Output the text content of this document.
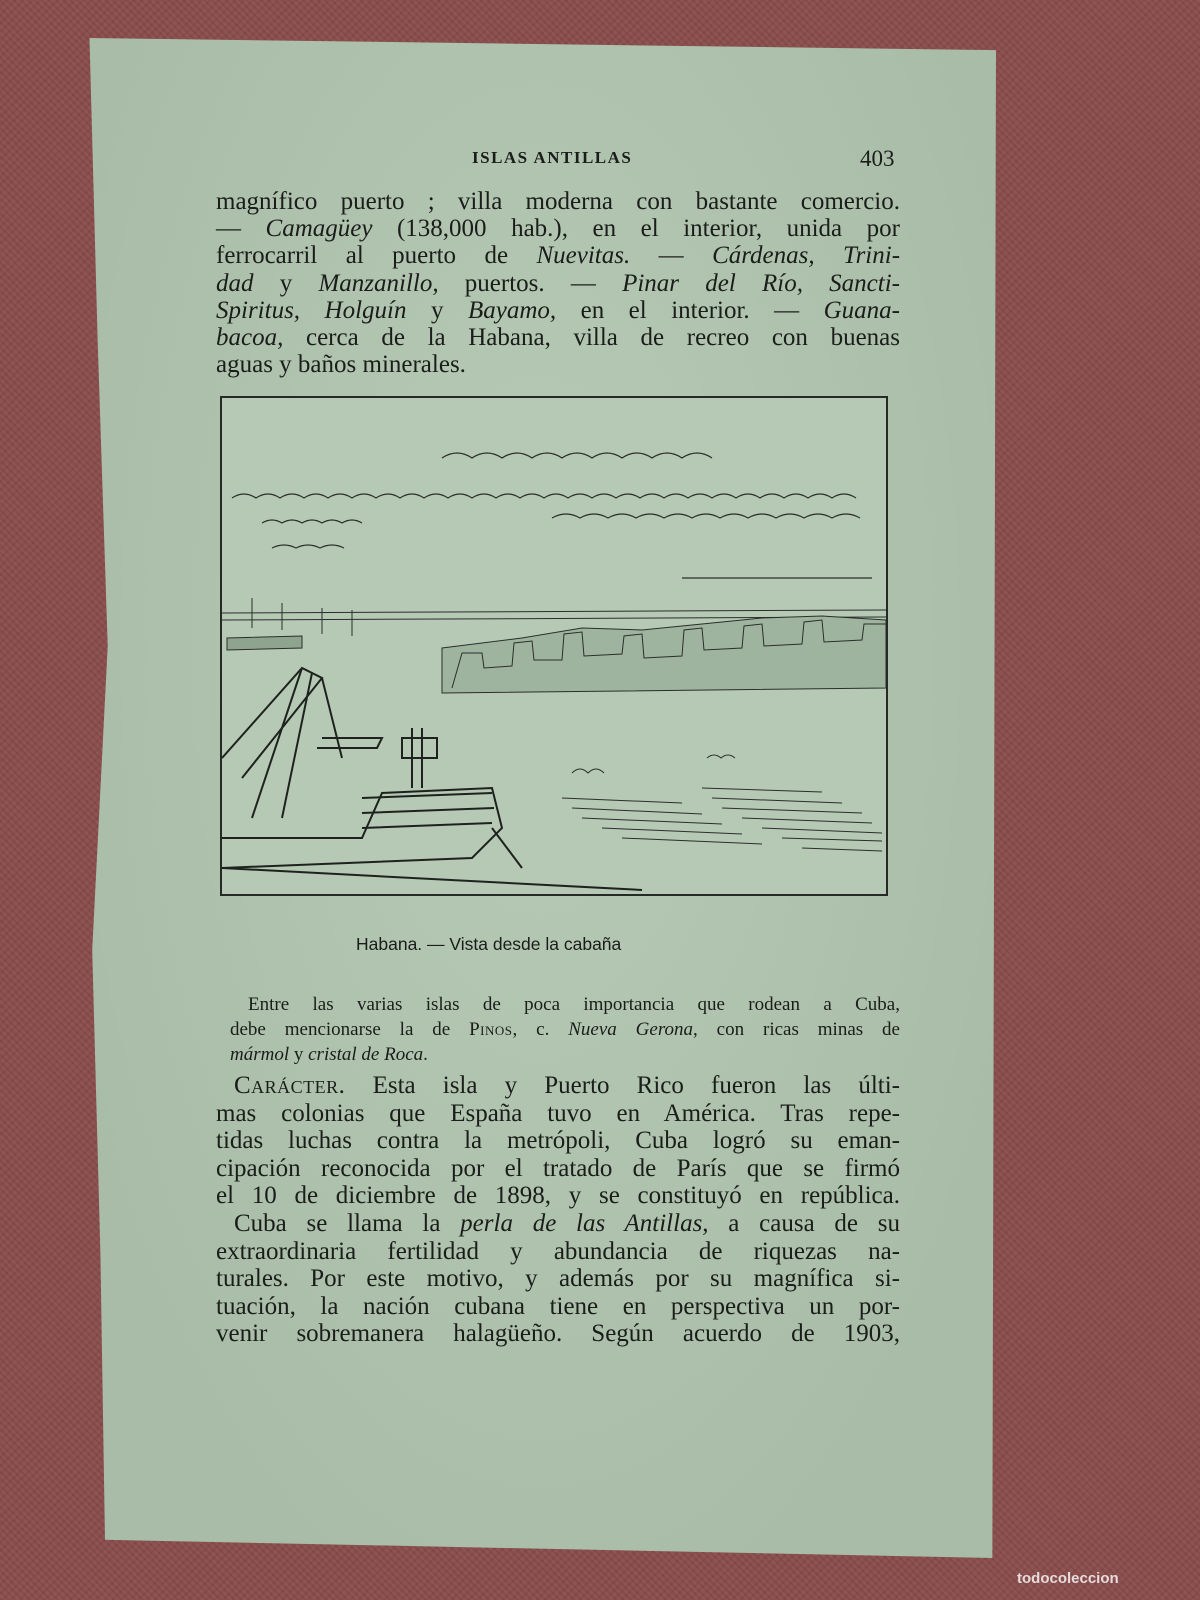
ISLAS ANTILLAS	403
magnífico puerto ; villa moderna con bastante comercio.
— Camagüey (138,000 hab.), en el interior, unida por
ferrocarril al puerto de Nuevitas. — Cárdenas, Trini-
dad y Manzanillo, puertos. — Pinar del Río, Sancti-
Spiritus, Holguín y Bayamo, en el interior. — Guana-
bacoa, cerca de la Habana, villa de recreo con buenas
aguas y baños minerales.
Habana. — Vista desde la cabaña
Entre las varias islas de poca importancia que rodean a Cuba,
debe mencionarse la de Pinos, c. Nueva Gerona, con ricas minas de
mármol y cristal de Roca.
Carácter. Esta isla y Puerto Rico fueron las últi-
mas colonias que España tuvo en América. Tras repe-
tidas luchas contra la metrópoli, Cuba logró su eman-
cipación reconocida por el tratado de París que se firmó
el 10 de diciembre de 1898, y se constituyó en república.
Cuba se llama la perla de las Antillas, a causa de su
extraordinaria fertilidad y abundancia de riquezas na-
turales. Por este motivo, y además por su magnífica si-
tuación, la nación cubana tiene en perspectiva un por-
venir sobremanera halagüeño. Según acuerdo de 1903,
todocoleccion
